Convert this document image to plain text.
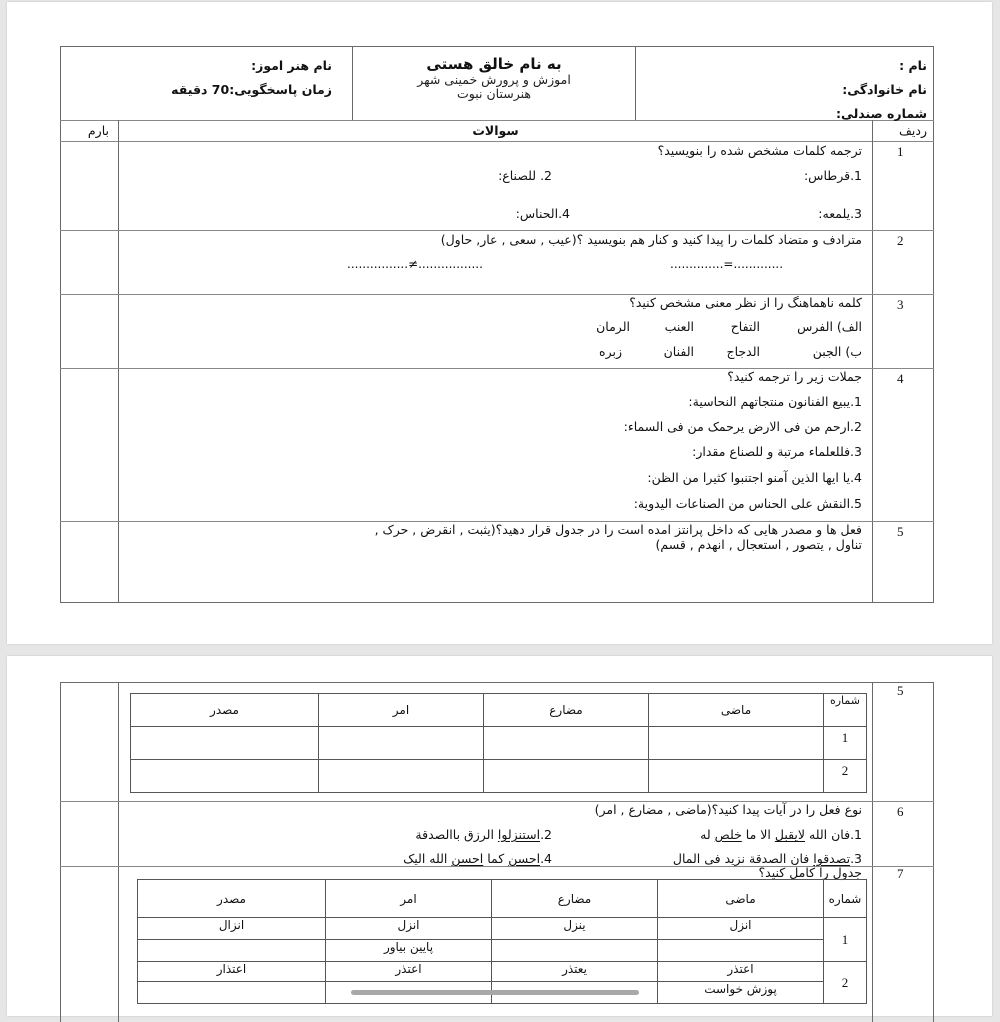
نام :
نام خانوادگی:
شماره صندلی:
به نام خالق هستی
اموزش و پرورش خمینی شهر
هنرستان نبوت
نام هنر اموز:
زمان پاسخگویی:70 دقیقه
ردیف
سوالات
بارم
1
ترجمه کلمات مشخص شده را بنویسید؟
1.قرطاس:
2. للصناع:
3.یلمعه:
4.الحناس:
2
مترادف و متضاد کلمات را پیدا کنید و کنار هم بنویسید ؟(عیب , سعی , عار, حاول)
..............=.............
................≠.................
3
کلمه ناهماهنگ را از نظر معنی مشخص کنید؟
الف) الفرس
التفاح
العنب
الرمان
ب) الجبن
الدجاج
الفنان
زبره
4
جملات زیر را ترجمه کنید؟
1.یبیع الفنانون منتجاتهم النحاسیة:
2.ارحم من فی الارض یرحمک من فی السماء:
3.فللعلماء مرتبة و للصناع مقدار:
4.یا ایها الذین آمنو اجتنبوا کثیرا من الظن:
5.النقش علی الحناس من الصناعات الیدویة:
5
فعل ها و مصدر هایی که داخل پرانتز امده است را در جدول قرار دهید؟(یثبت , انقرض , حرک ,
تناول , یتصور , استعجال , انهدم , قسم)
5
شماره	ماضی	مضارع	امر	مصدر
1				
2				
6
نوع فعل را در آیات پیدا کنید؟(ماضی , مضارع , امر)
1.فان الله لایقبل الا ما خلص له
2.استنزلوا الرزق باالصدقة
3.تصدقوا فان الصدقة نزید فی المال
4.احسن کما احسن الله الیک
7
جدول را کامل کنید؟
شماره	ماضی	مضارع	امر	مصدر
1	انزل	ینزل	انزل	انزال
			پایین بیاور	
2	اعتذر	یعتذر	اعتذر	اعتذار
	پوزش خواست			
